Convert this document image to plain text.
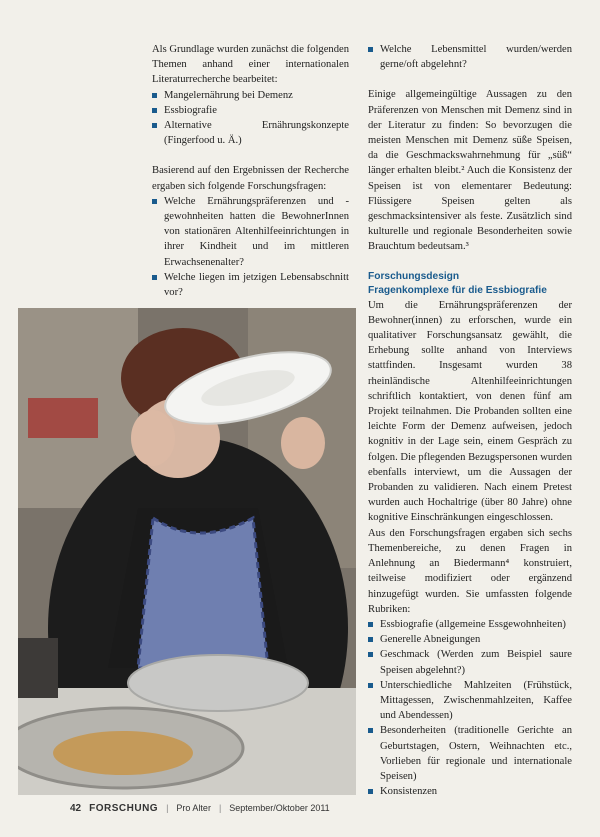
Als Grundlage wurden zunächst die folgenden Themen anhand einer internationalen Literaturrecherche bearbeitet:

Mangelernährung bei Demenz
Essbiografie
Alternative Ernährungskonzepte (Fingerfood u. Ä.)

Basierend auf den Ergebnissen der Recherche ergaben sich folgende Forschungsfragen:

Welche Ernährungspräferenzen und -gewohnheiten hatten die BewohnerInnen von stationären Altenhilfeeinrichtungen in ihrer Kindheit und im mittleren Erwachsenenalter?
Welche liegen im jetzigen Lebensabschnitt vor?
Welche Lebensmittel wurden/werden gerne/oft abgelehnt?

Einige allgemeingültige Aussagen zu den Präferenzen von Menschen mit Demenz sind in der Literatur zu finden: So bevorzugen die meisten Menschen mit Demenz süße Speisen, da die Geschmackswahrnehmung für „süß“ länger erhalten bleibt.² Auch die Konsistenz der Speisen ist von elementarer Bedeutung: Flüssigere Speisen gelten als geschmacksintensiver als feste. Zusätzlich sind kulturelle und regionale Besonderheiten sowie Brauchtum bedeutsam.³

Forschungsdesign
Fragenkomplexe für die Essbiografie

Um die Ernährungspräferenzen der Bewohner(innen) zu erforschen, wurde ein qualitativer Forschungsansatz gewählt, die Erhebung sollte anhand von Interviews stattfinden. Insgesamt wurden 38 rheinländische Altenhilfeeinrichtungen schriftlich kontaktiert, von denen fünf am Projekt teilnahmen. Die Probanden sollten eine leichte Form der Demenz aufweisen, jedoch kognitiv in der Lage sein, einem Gespräch zu folgen. Die pflegenden Bezugspersonen wurden ebenfalls interviewt, um die Aussagen der Probanden zu validieren. Nach einem Pretest wurden auch Hochaltrige (über 80 Jahre) ohne kognitive Einschränkungen eingeschlossen.

Aus den Forschungsfragen ergaben sich sechs Themenbereiche, zu denen Fragen in Anlehnung an Biedermann⁴ konstruiert, teilweise modifiziert oder ergänzend hinzugefügt wurden. Sie umfassten folgende Rubriken:

Essbiografie (allgemeine Essgewohnheiten)
Generelle Abneigungen
Geschmack (Werden zum Beispiel saure Speisen abgelehnt?)
Unterschiedliche Mahlzeiten (Frühstück, Mittagessen, Zwischenmahlzeiten, Kaffee und Abendessen)
Besonderheiten (traditionelle Gerichte an Geburtstagen, Ostern, Weihnachten etc., Vorlieben für regionale und internationale Speisen)
Konsistenzen
42 FORSCHUNG | Pro Alter | September/Oktober 2011
